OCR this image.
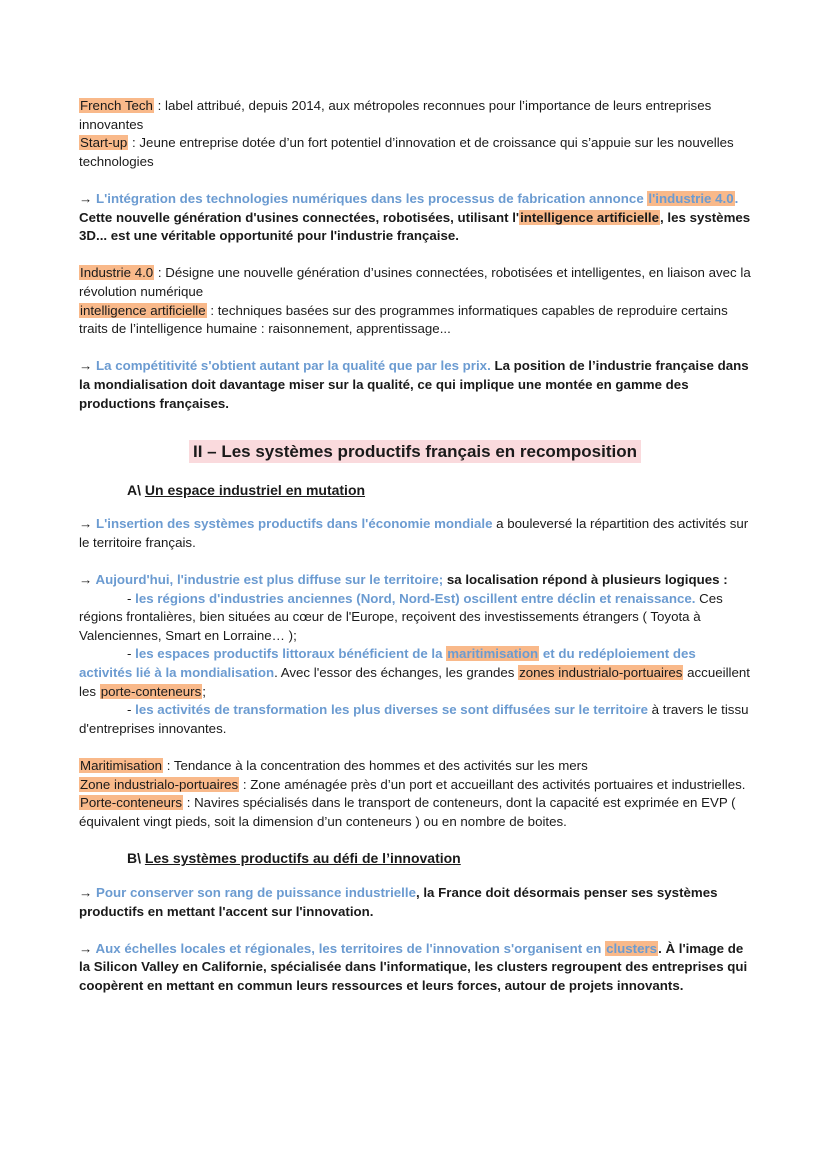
French Tech : label attribué, depuis 2014, aux métropoles reconnues pour l’importance de leurs entreprises innovantes

Start-up : Jeune entreprise dotée d’un fort potentiel d’innovation et de croissance qui s’appuie sur les nouvelles technologies

→ L'intégration des technologies numériques dans les processus de fabrication annonce l'industrie 4.0.
Cette nouvelle génération d'usines connectées, robotisées, utilisant l'intelligence artificielle, les systèmes 3D... est une véritable opportunité pour l'industrie française.

Industrie 4.0 : Désigne une nouvelle génération d’usines connectées, robotisées et intelligentes, en liaison avec la révolution numérique

intelligence artificielle : techniques basées sur des programmes informatiques capables de reproduire certains traits de l’intelligence humaine : raisonnement, apprentissage...

→ La compétitivité s'obtient autant par la qualité que par les prix. La position de l’industrie française dans la mondialisation doit davantage miser sur la qualité, ce qui implique une montée en gamme des productions françaises.

II – Les systèmes productifs français en recomposition
A\ Un espace industriel en mutation

→ L'insertion des systèmes productifs dans l'économie mondiale a bouleversé la répartition des activités sur le territoire français.

→ Aujourd'hui, l'industrie est plus diffuse sur le territoire; sa localisation répond à plusieurs logiques :

- les régions d'industries anciennes (Nord, Nord-Est) oscillent entre déclin et renaissance. Ces régions frontalières, bien situées au cœur de l'Europe, reçoivent des investissements étrangers ( Toyota à Valenciennes, Smart en Lorraine… );

- les espaces productifs littoraux bénéficient de la maritimisation et du redéploiement des activités lié à la mondialisation. Avec l'essor des échanges, les grandes zones industrialo-portuaires accueillent les porte-conteneurs;

- les activités de transformation les plus diverses se sont diffusées sur le territoire à travers le tissu d'entreprises innovantes.

Maritimisation : Tendance à la concentration des hommes et des activités sur les mers

Zone industrialo-portuaires : Zone aménagée près d’un port et accueillant des activités portuaires et industrielles.

Porte-conteneurs : Navires spécialisés dans le transport de conteneurs, dont la capacité est exprimée en EVP ( équivalent vingt pieds, soit la dimension d’un conteneurs ) ou en nombre de boites.

B\ Les systèmes productifs au défi de l’innovation

→ Pour conserver son rang de puissance industrielle, la France doit désormais penser ses systèmes productifs en mettant l'accent sur l'innovation.

→ Aux échelles locales et régionales, les territoires de l'innovation s'organisent en clusters. À l'image de la Silicon Valley en Californie, spécialisée dans l'informatique, les clusters regroupent des entreprises qui coopèrent en mettant en commun leurs ressources et leurs forces, autour de projets innovants.
